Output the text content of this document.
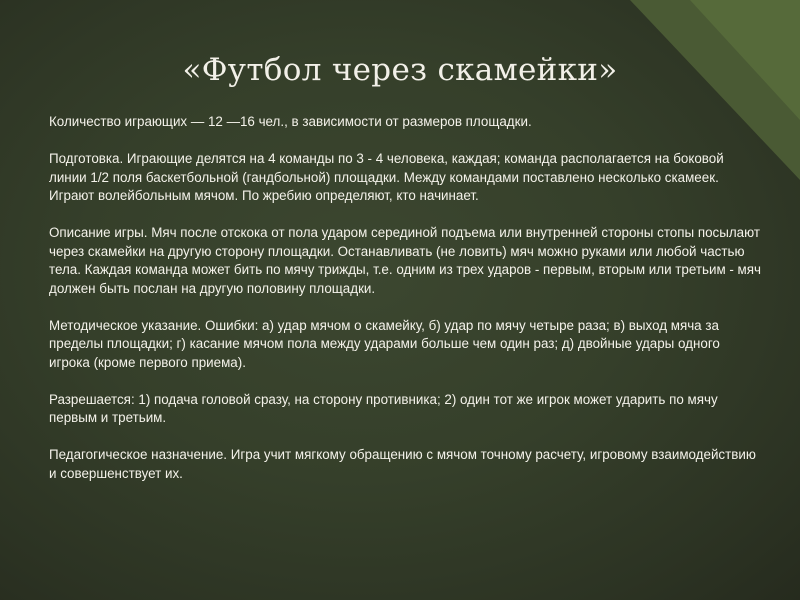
«Футбол через скамейки»

Количество играющих — 12 —16 чел., в зависимости от размеров площадки.

Подготовка. Играющие делятся на 4 команды по 3 - 4 человека, каждая; команда располагается на боковой линии 1/2 поля баскетбольной (гандбольной) площадки. Между командами поставлено несколько скамеек. Играют волейбольным мячом. По жребию определяют, кто начинает.

Описание игры. Мяч после отскока от пола ударом серединой подъема или внутренней стороны стопы посылают через скамейки на другую сторону площадки. Останавливать (не ловить) мяч можно руками или любой частью тела. Каждая команда может бить по мячу трижды, т.е. одним из трех ударов - первым, вторым или третьим - мяч должен быть послан на другую половину площадки.

Методическое указание. Ошибки: а) удар мячом о скамейку, б) удар по мячу четыре раза; в) выход мяча за пределы площадки; г) касание мячом пола между ударами больше чем один раз; д) двойные удары одного игрока (кроме первого приема).

Разрешается: 1) подача головой сразу, на сторону противника; 2) один тот же игрок может ударить по мячу первым и третьим.

Педагогическое назначение. Игра учит мягкому обращению с мячом точному расчету, игровому взаимодействию и совершенствует их.
